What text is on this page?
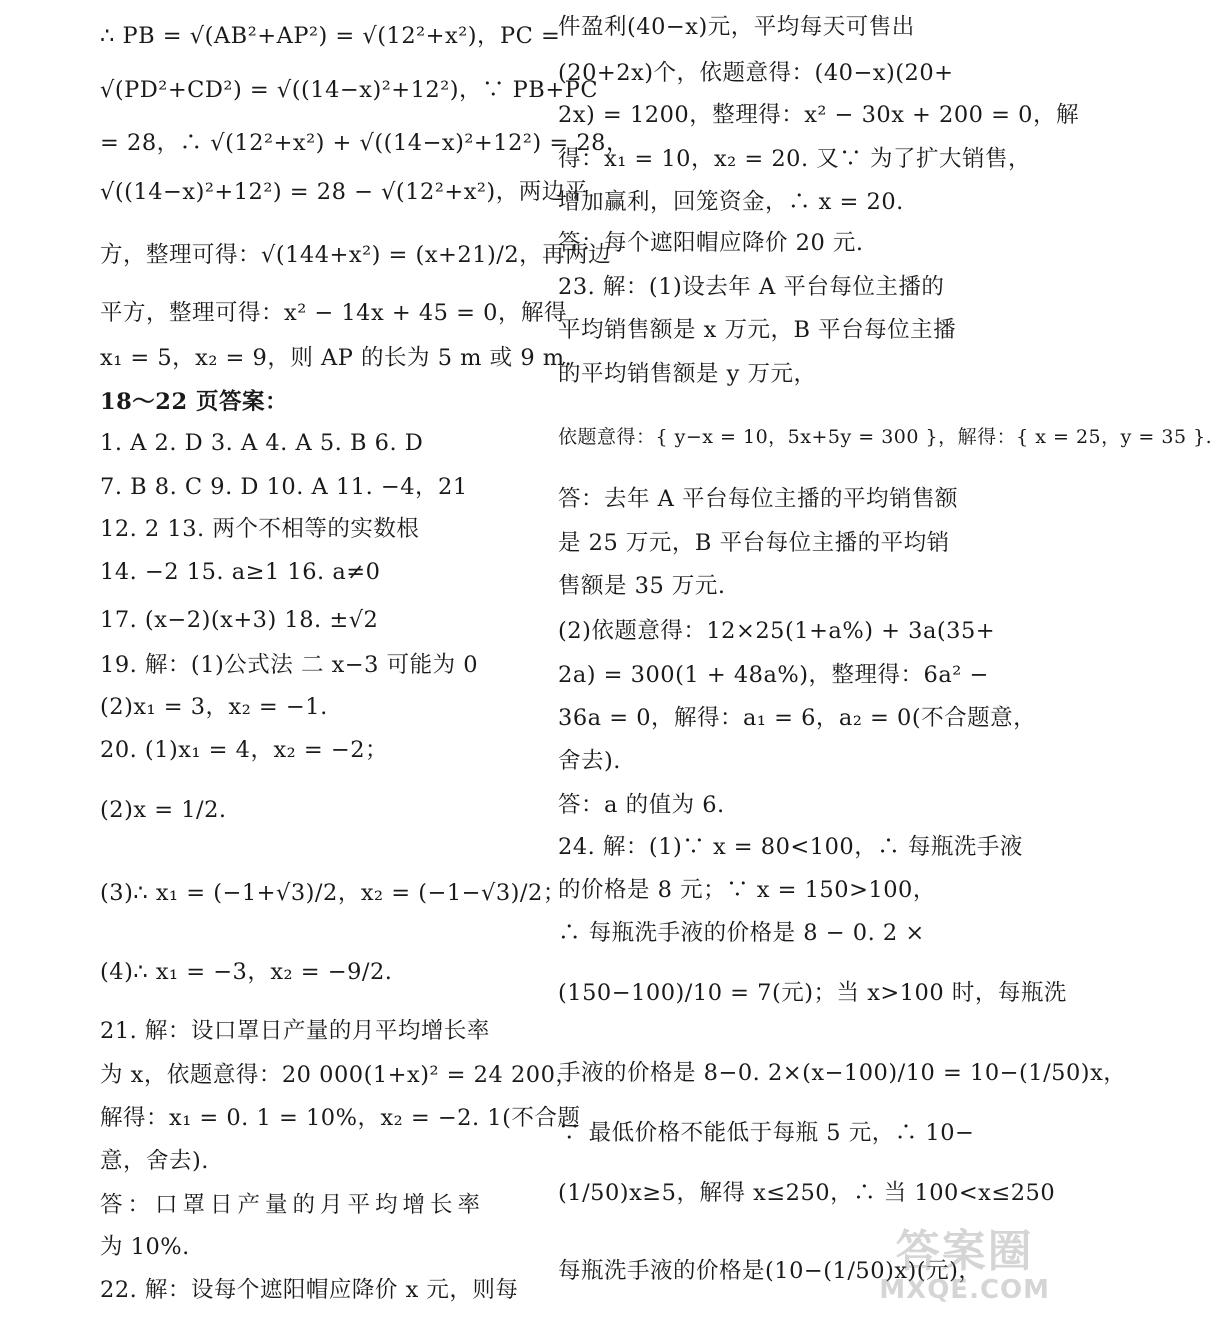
∴ PB = √(AB²+AP²) = √(12²+x²)，PC =
√(PD²+CD²) = √((14−x)²+12²)，∵ PB+PC
= 28，∴ √(12²+x²) + √((14−x)²+12²) = 28，
√((14−x)²+12²) = 28 − √(12²+x²)，两边平
方，整理可得：√(144+x²) = (x+21)/2，再两边
平方，整理可得：x² − 14x + 45 = 0，解得
x₁ = 5，x₂ = 9，则 AP 的长为 5 m 或 9 m.
18～22 页答案：
1. A 2. D 3. A 4. A 5. B 6. D
7. B 8. C 9. D 10. A 11. −4，21
12. 2 13. 两个不相等的实数根
14. −2 15. a≥1 16. a≠0
17. (x−2)(x+3) 18. ±√2
19. 解：(1)公式法 二 x−3 可能为 0
(2)x₁ = 3，x₂ = −1.
20. (1)x₁ = 4，x₂ = −2；
(2)x = 1/2.
(3)∴ x₁ = (−1+√3)/2，x₂ = (−1−√3)/2；
(4)∴ x₁ = −3，x₂ = −9/2.
21. 解：设口罩日产量的月平均增长率
为 x，依题意得：20 000(1+x)² = 24 200，
解得：x₁ = 0. 1 = 10%，x₂ = −2. 1(不合题
意，舍去).
答：口罩日产量的月平均增长率
为 10%.
22. 解：设每个遮阳帽应降价 x 元，则每
件盈利(40−x)元，平均每天可售出
(20+2x)个，依题意得：(40−x)(20+
2x) = 1200，整理得：x² − 30x + 200 = 0，解
得：x₁ = 10，x₂ = 20. 又∵ 为了扩大销售，
增加赢利，回笼资金，∴ x = 20.
答：每个遮阳帽应降价 20 元.
23. 解：(1)设去年 A 平台每位主播的
平均销售额是 x 万元，B 平台每位主播
的平均销售额是 y 万元，
依题意得：{ y−x = 10，5x+5y = 300 }，解得：{ x = 25，y = 35 }.
答：去年 A 平台每位主播的平均销售额
是 25 万元，B 平台每位主播的平均销
售额是 35 万元.
(2)依题意得：12×25(1+a%) + 3a(35+
2a) = 300(1 + 48a%)，整理得：6a² −
36a = 0，解得：a₁ = 6，a₂ = 0(不合题意，
舍去).
答：a 的值为 6.
24. 解：(1)∵ x = 80<100，∴ 每瓶洗手液
的价格是 8 元；∵ x = 150>100，
∴ 每瓶洗手液的价格是 8 − 0. 2 ×
(150−100)/10 = 7(元)；当 x>100 时，每瓶洗
手液的价格是 8−0. 2×(x−100)/10 = 10−(1/50)x，
∵ 最低价格不能低于每瓶 5 元，∴ 10−
(1/50)x≥5，解得 x≤250，∴ 当 100<x≤250
每瓶洗手液的价格是(10−(1/50)x)(元)，
答案圈
MXQE.COM
